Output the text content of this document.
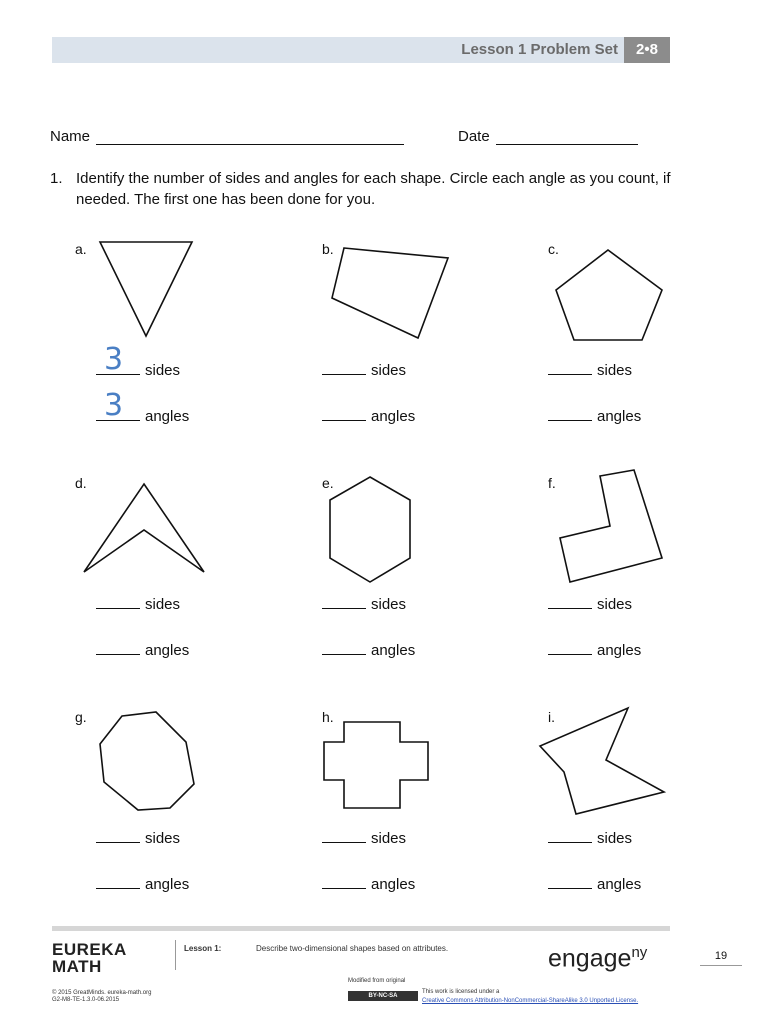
Lesson 1 Problem Set	2•8
Name	Date
1. Identify the number of sides and angles for each shape. Circle each angle as you count, if needed. The first one has been done for you.
a.
3 sides
3 angles
b.
sides
angles
c.
sides
angles
d.
sides
angles
e.
sides
angles
f.
sides
angles
g.
sides
angles
h.
sides
angles
i.
sides
angles
EUREKA
MATH
Lesson 1:	Describe two-dimensional shapes based on attributes.	engage$^{ny}$	19
Modified from original
BY-NC-SA
This work is licensed under a
Creative Commons Attribution-NonCommercial-ShareAlike 3.0 Unported License.
© 2015 GreatMinds. eureka-math.org
G2-M8-TE-1.3.0-06.2015
